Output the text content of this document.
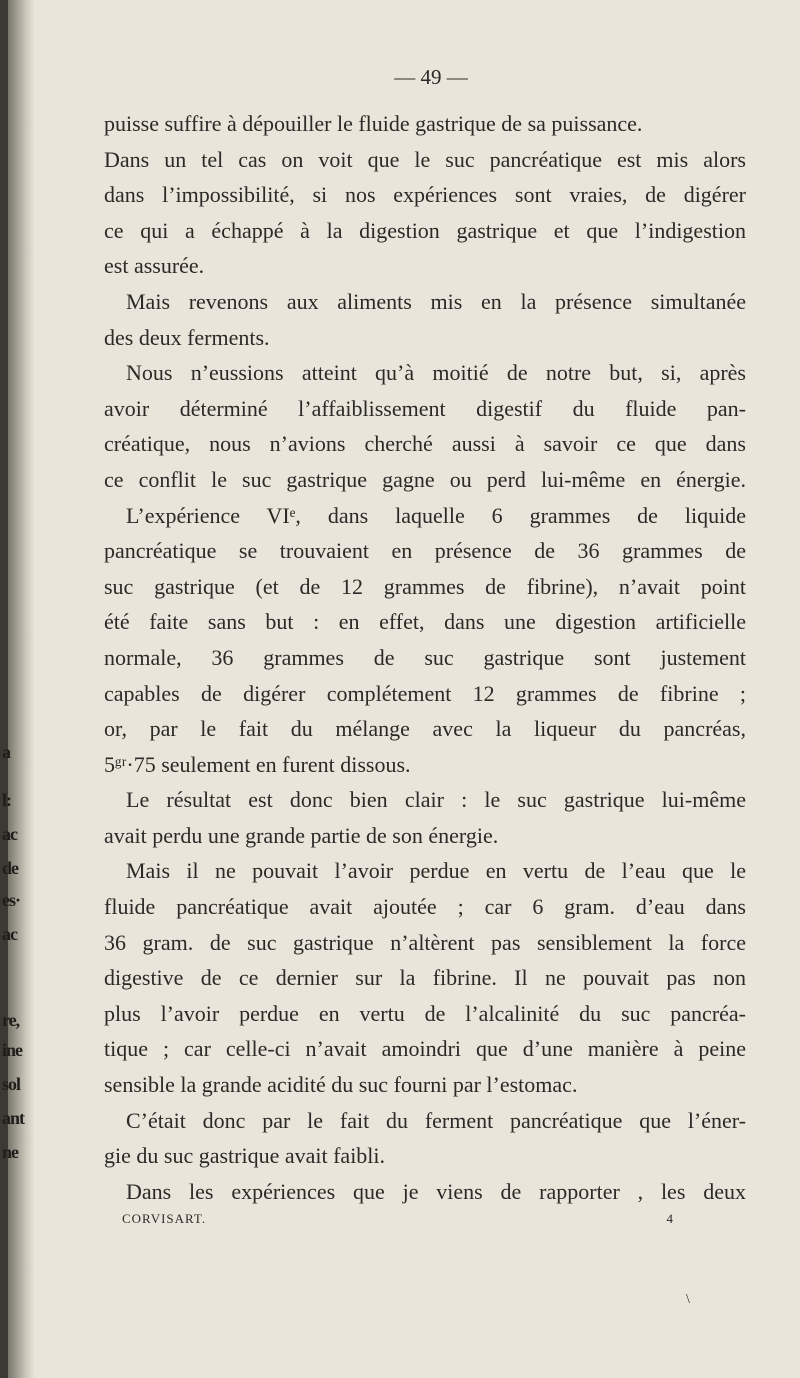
a
l:
ac
de
es·
ac
re,
ine
sol
ant
ne
— 49 —
puisse suffire à dépouiller le fluide gastrique de sa puissance.
Dans un tel cas on voit que le suc pancréatique est mis alors
dans l’impossibilité, si nos expériences sont vraies, de digérer
ce qui a échappé à la digestion gastrique et que l’indigestion
est assurée.
Mais revenons aux aliments mis en la présence simultanée
des deux ferments.
Nous n’eussions atteint qu’à moitié de notre but, si, après
avoir déterminé l’affaiblissement digestif du fluide pan-
créatique, nous n’avions cherché aussi à savoir ce que dans
ce conflit le suc gastrique gagne ou perd lui-même en énergie.
L’expérience VIᵉ, dans laquelle 6 grammes de liquide
pancréatique se trouvaient en présence de 36 grammes de
suc gastrique (et de 12 grammes de fibrine), n’avait point
été faite sans but : en effet, dans une digestion artificielle
normale, 36 grammes de suc gastrique sont justement
capables de digérer complétement 12 grammes de fibrine ;
or, par le fait du mélange avec la liqueur du pancréas,
5ᵍʳ·75 seulement en furent dissous.
Le résultat est donc bien clair : le suc gastrique lui-même
avait perdu une grande partie de son énergie.
Mais il ne pouvait l’avoir perdue en vertu de l’eau que le
fluide pancréatique avait ajoutée ; car 6 gram. d’eau dans
36 gram. de suc gastrique n’altèrent pas sensiblement la force
digestive de ce dernier sur la fibrine. Il ne pouvait pas non
plus l’avoir perdue en vertu de l’alcalinité du suc pancréa-
tique ; car celle-ci n’avait amoindri que d’une manière à peine
sensible la grande acidité du suc fourni par l’estomac.
C’était donc par le fait du ferment pancréatique que l’éner-
gie du suc gastrique avait faibli.
Dans les expériences que je viens de rapporter , les deux
CORVISART.	4
\
